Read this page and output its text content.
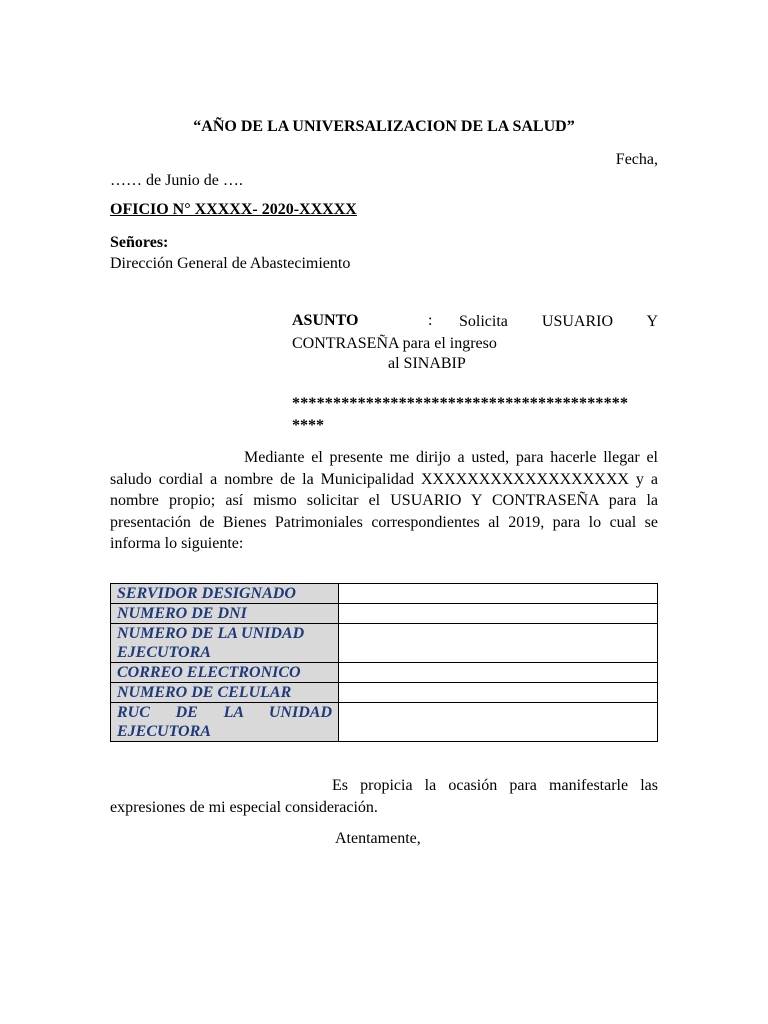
“AÑO DE LA UNIVERSALIZACION DE LA SALUD”
Fecha,
…… de Junio de ….
OFICIO N° XXXXX- 2020-XXXXX
Señores:
Dirección General de Abastecimiento
ASUNTO	:	Solicita USUARIO Y CONTRASEÑA para el ingreso
al SINABIP
*****************************************
****
Mediante el presente me dirijo a usted, para hacerle llegar el saludo cordial a nombre de la Municipalidad XXXXXXXXXXXXXXXXXX y a nombre propio; así mismo solicitar el USUARIO Y CONTRASEÑA para la presentación de Bienes Patrimoniales correspondientes al 2019, para lo cual se informa lo siguiente:
SERVIDOR DESIGNADO	
NUMERO DE DNI	
NUMERO DE LA UNIDAD EJECUTORA	
CORREO ELECTRONICO	
NUMERO DE CELULAR	
RUC DE LA UNIDAD EJECUTORA	
Es propicia la ocasión para manifestarle las expresiones de mi especial consideración.
Atentamente,
